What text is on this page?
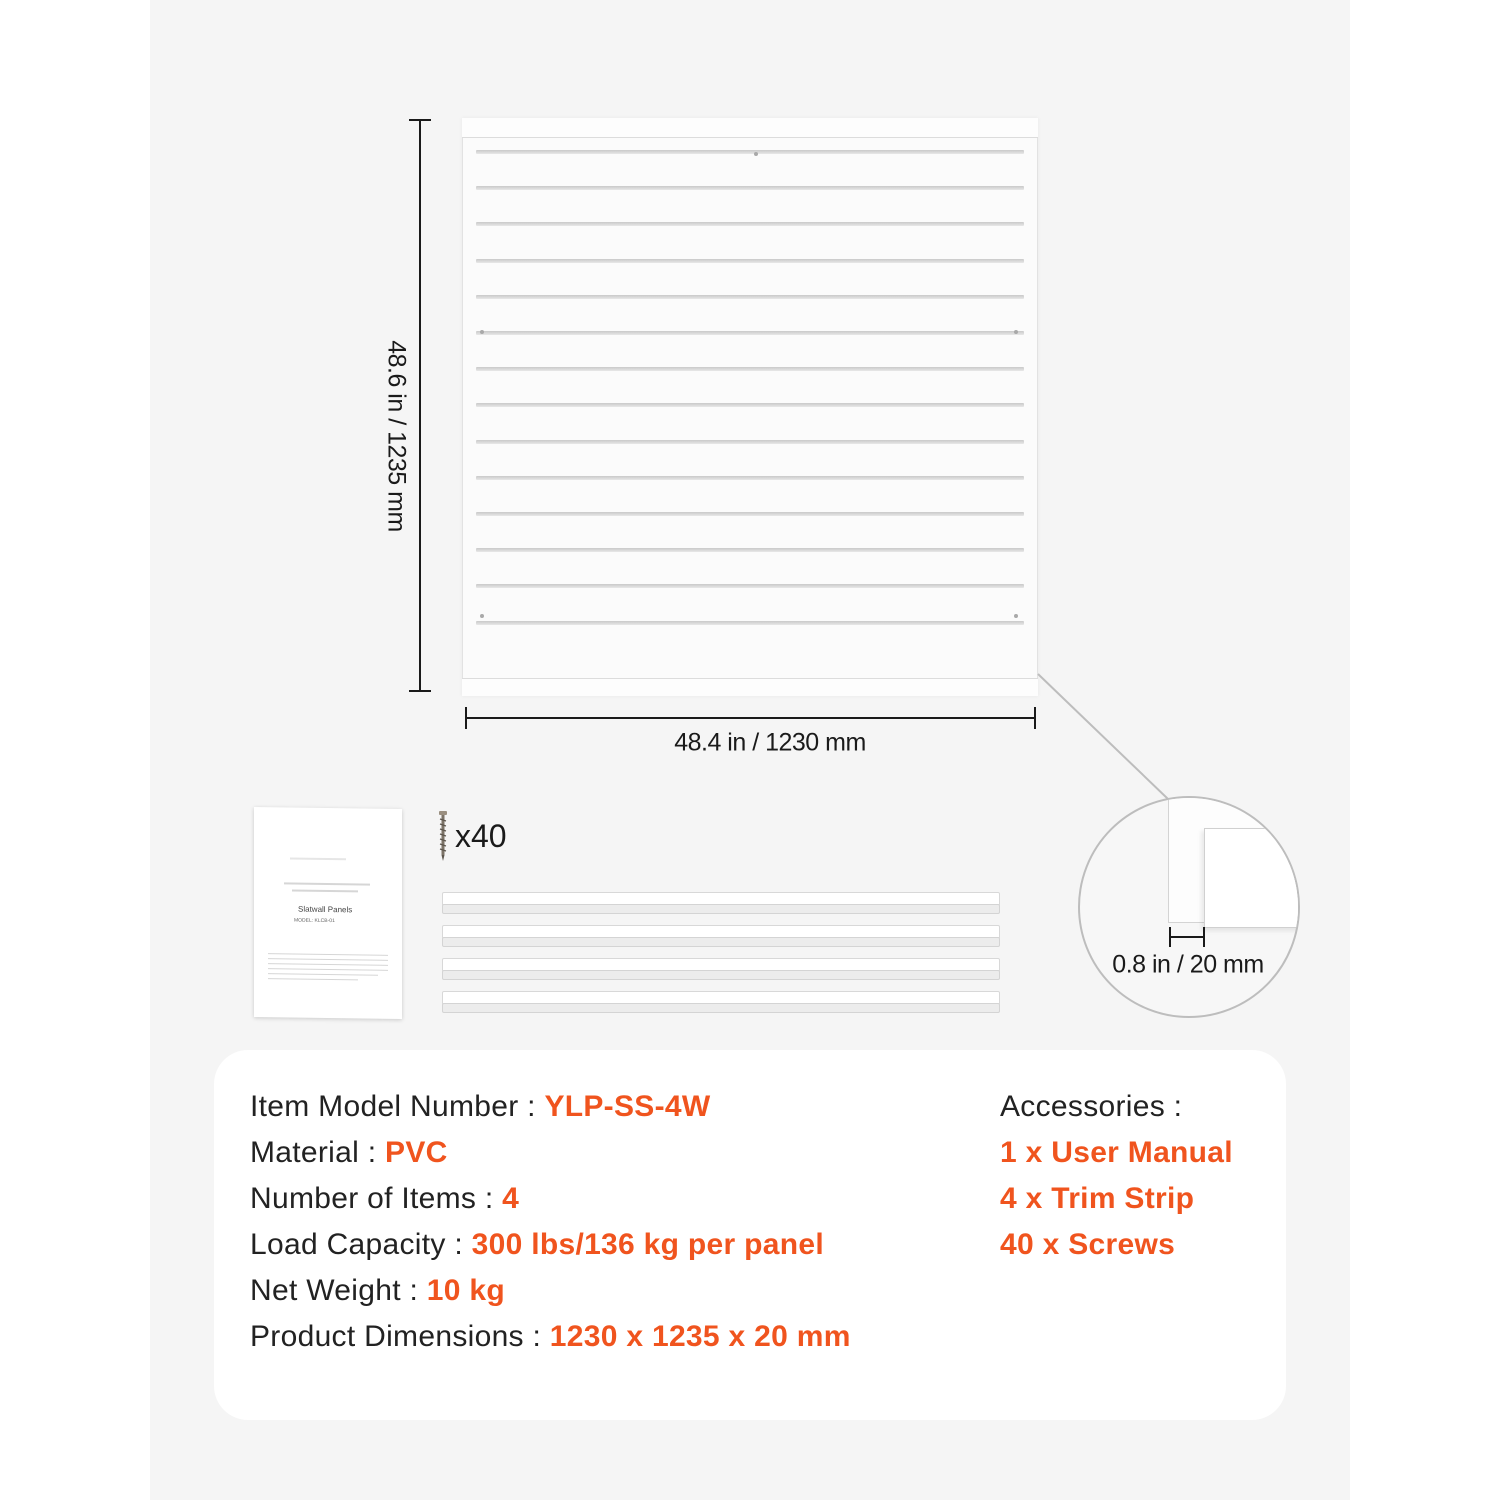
48.6 in / 1235 mm
48.4 in / 1230 mm
0.8 in / 20 mm
Slatwall Panels
MODEL: KLCB-01
x40
Item Model Number : YLP-SS-4W
Material : PVC
Number of Items : 4
Load Capacity : 300 lbs/136 kg per panel
Net Weight : 10 kg
Product Dimensions : 1230 x 1235 x 20 mm
Accessories :
1 x User Manual
4 x Trim Strip
40 x Screws
